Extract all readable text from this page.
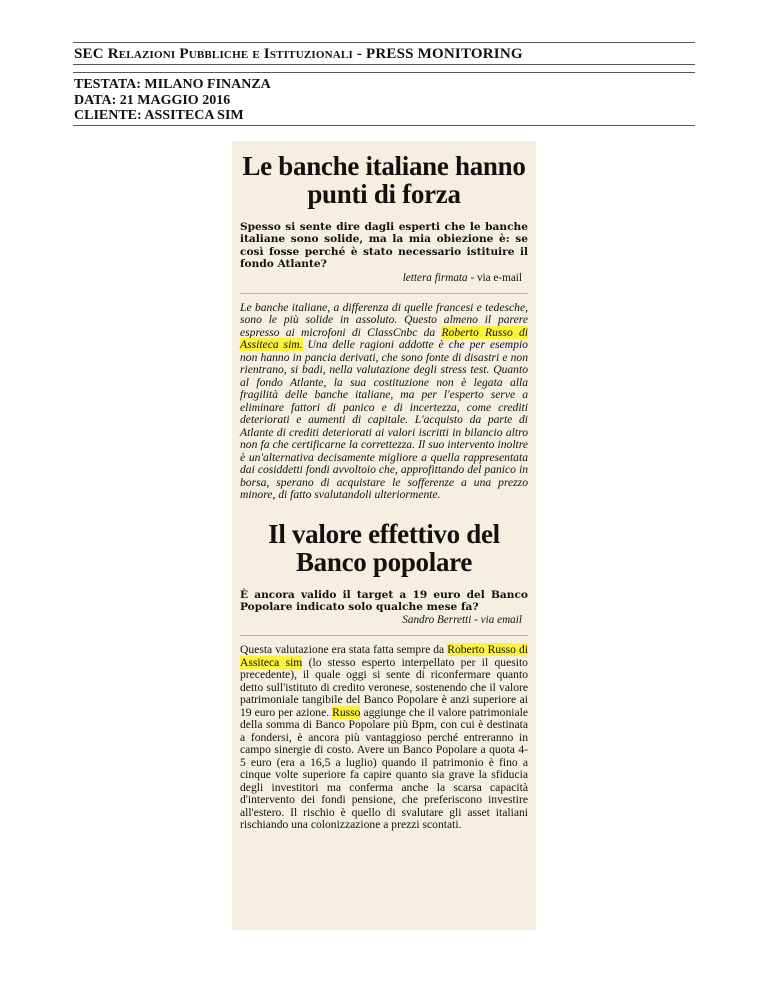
SEC Relazioni Pubbliche e Istituzionali - PRESS MONITORING
TESTATA: MILANO FINANZA
DATA: 21 MAGGIO 2016
CLIENTE: ASSITECA SIM
Le banche italiane hanno punti di forza
Spesso si sente dire dagli esperti che le banche italiane sono solide, ma la mia obiezione è: se così fosse perché è stato necessario istituire il fondo Atlante?
lettera firmata - via e-mail
Le banche italiane, a differenza di quelle francesi e tedesche, sono le più solide in assoluto. Questo almeno il parere espresso ai microfoni di ClassCnbc da Roberto Russo di Assiteca sim. Una delle ragioni addotte è che per esempio non hanno in pancia derivati, che sono fonte di disastri e non rientrano, si badi, nella valutazione degli stress test. Quanto al fondo Atlante, la sua costituzione non è legata alla fragilità delle banche italiane, ma per l'esperto serve a eliminare fattori di panico e di incertezza, come crediti deteriorati e aumenti di capitale. L'acquisto da parte di Atlante di crediti deteriorati ai valori iscritti in bilancio altro non fa che certificarne la correttezza. Il suo intervento inoltre è un'alternativa decisamente migliore a quella rappresentata dai cosiddetti fondi avvoltoio che, approfittando del panico in borsa, sperano di acquistare le sofferenze a una prezzo minore, di fatto svalutandoli ulteriormente.
Il valore effettivo del Banco popolare
È ancora valido il target a 19 euro del Banco Popolare indicato solo qualche mese fa?
Sandro Berretti - via email
Questa valutazione era stata fatta sempre da Roberto Russo di Assiteca sim (lo stesso esperto interpellato per il quesito precedente), il quale oggi si sente di riconfermare quanto detto sull'istituto di credito veronese, sostenendo che il valore patrimoniale tangibile del Banco Popolare è anzi superiore ai 19 euro per azione. Russo aggiunge che il valore patrimoniale della somma di Banco Popolare più Bpm, con cui è destinata a fondersi, è ancora più vantaggioso perché entreranno in campo sinergie di costo. Avere un Banco Popolare a quota 4-5 euro (era a 16,5 a luglio) quando il patrimonio è fino a cinque volte superiore fa capire quanto sia grave la sfiducia degli investitori ma conferma anche la scarsa capacità d'intervento dei fondi pensione, che preferiscono investire all'estero. Il rischio è quello di svalutare gli asset italiani rischiando una colonizzazione a prezzi scontati.
